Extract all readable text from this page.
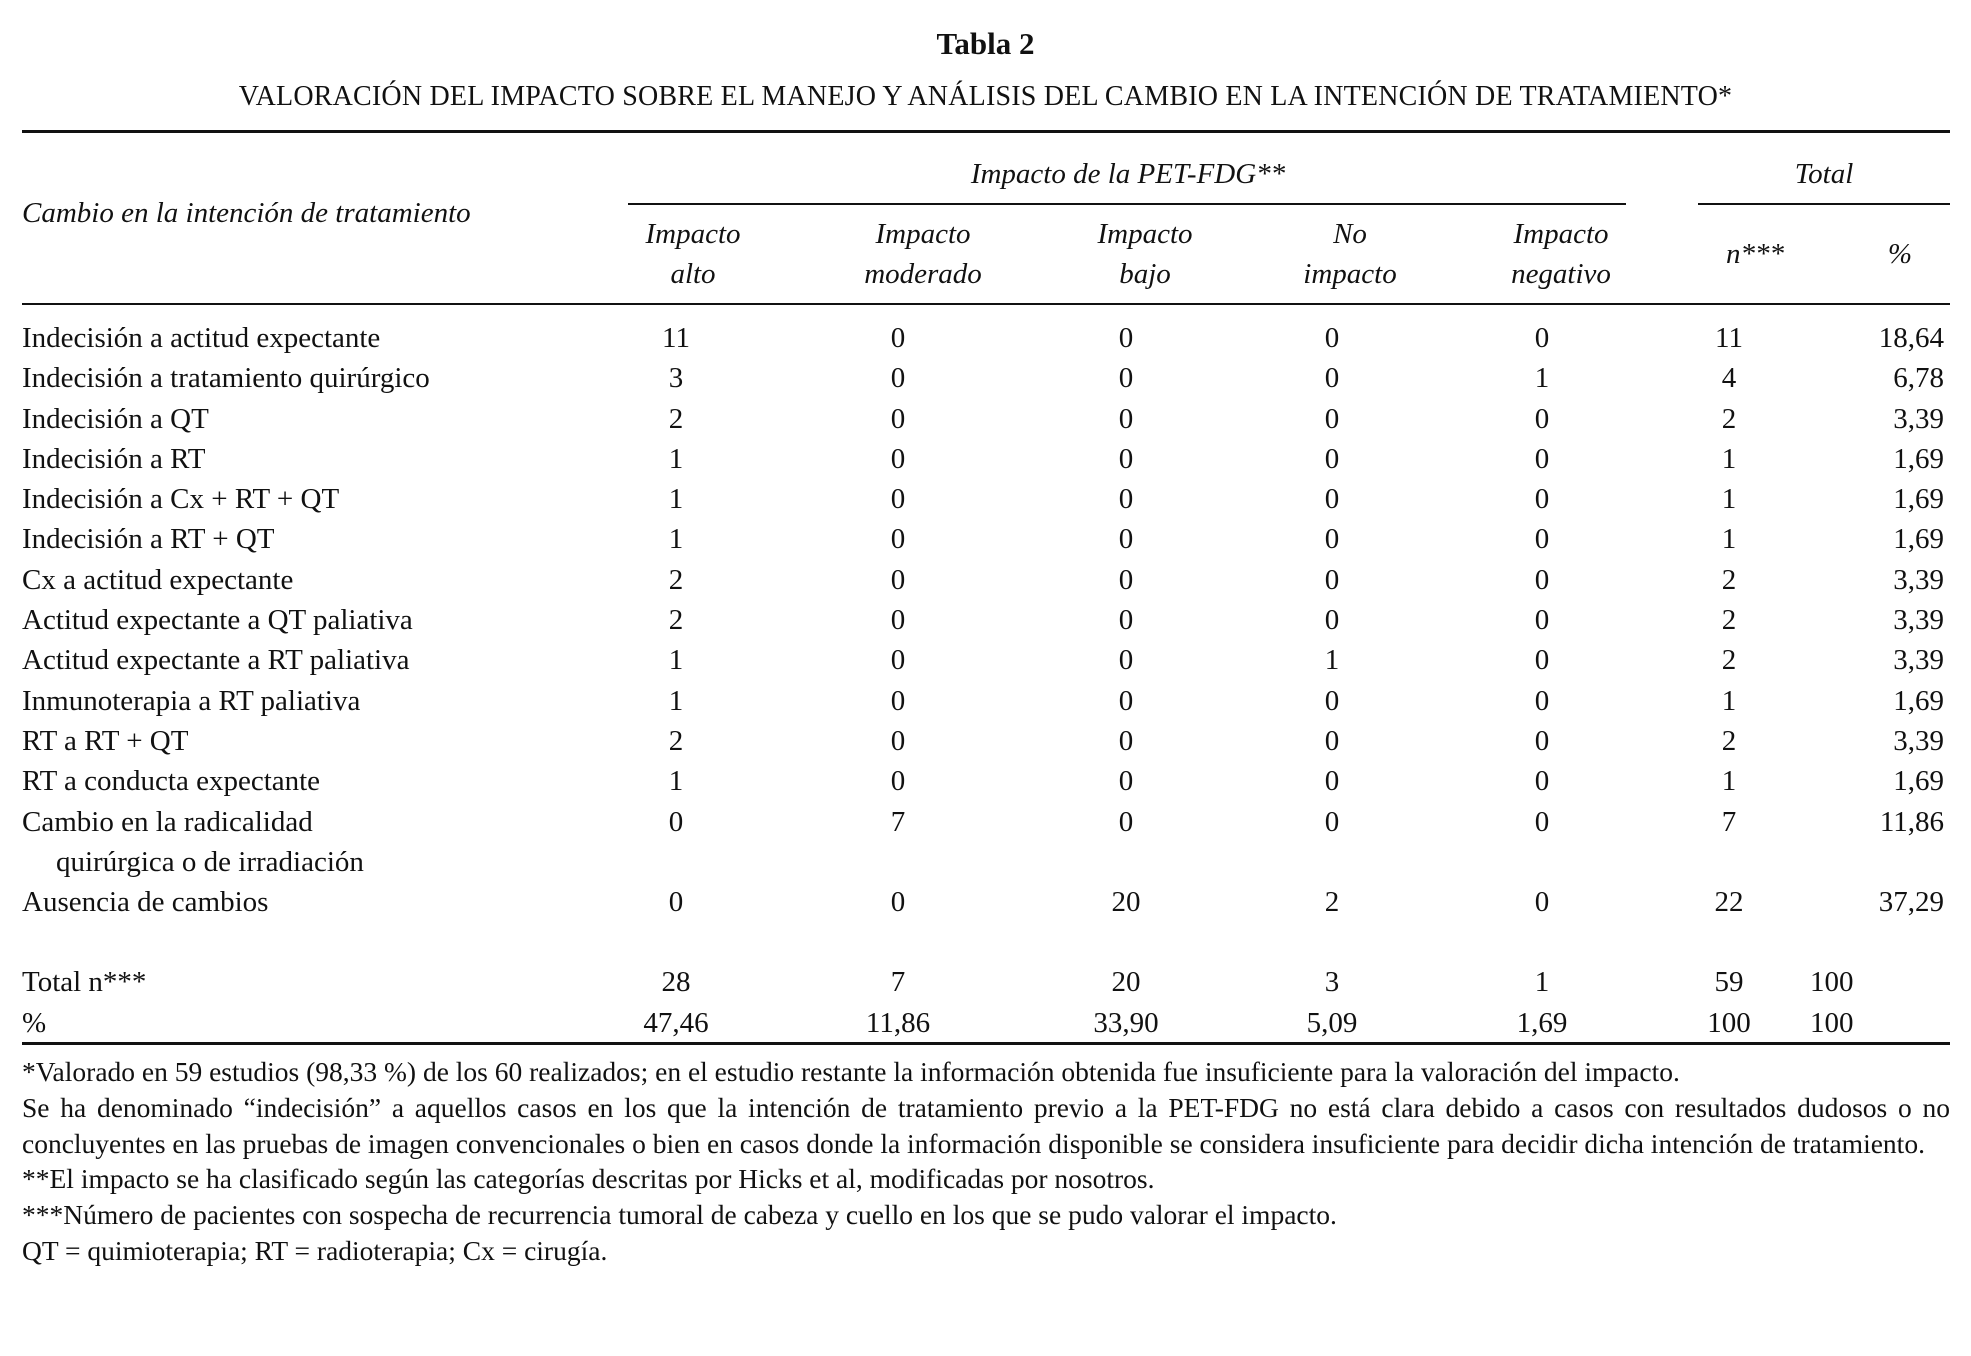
Tabla 2
VALORACIÓN DEL IMPACTO SOBRE EL MANEJO Y ANÁLISIS DEL CAMBIO EN LA INTENCIÓN DE TRATAMIENTO*
Cambio en la intención de tratamiento
Impacto de la PET-FDG**	Total
Impacto
alto
Impacto
moderado
Impacto
bajo
No
impacto
Impacto
negativo
n***	%
Indecisión a actitud expectante	11	0	0	0	0	11	18,64
Indecisión a tratamiento quirúrgico	3	0	0	0	1	4	6,78
Indecisión a QT	2	0	0	0	0	2	3,39
Indecisión a RT	1	0	0	0	0	1	1,69
Indecisión a Cx + RT + QT	1	0	0	0	0	1	1,69
Indecisión a RT + QT	1	0	0	0	0	1	1,69
Cx a actitud expectante	2	0	0	0	0	2	3,39
Actitud expectante a QT paliativa	2	0	0	0	0	2	3,39
Actitud expectante a RT paliativa	1	0	0	1	0	2	3,39
Inmunoterapia a RT paliativa	1	0	0	0	0	1	1,69
RT a RT + QT	2	0	0	0	0	2	3,39
RT a conducta expectante	1	0	0	0	0	1	1,69
Cambio en la radicalidad	0	7	0	0	0	7	11,86
quirúrgica o de irradiación							
Ausencia de cambios	0	0	20	2	0	22	37,29

Total n***	28	7	20	3	1	59	100
%	47,46	11,86	33,90	5,09	1,69	100	100

*Valorado en 59 estudios (98,33 %) de los 60 realizados; en el estudio restante la información obtenida fue insuficiente para la valoración del impacto.

Se ha denominado “indecisión” a aquellos casos en los que la intención de tratamiento previo a la PET-FDG no está clara debido a casos con resultados dudosos o no concluyentes en las pruebas de imagen convencionales o bien en casos donde la información disponible se considera insuficiente para decidir dicha intención de tratamiento.

**El impacto se ha clasificado según las categorías descritas por Hicks et al, modificadas por nosotros.

***Número de pacientes con sospecha de recurrencia tumoral de cabeza y cuello en los que se pudo valorar el impacto.

QT = quimioterapia; RT = radioterapia; Cx = cirugía.
